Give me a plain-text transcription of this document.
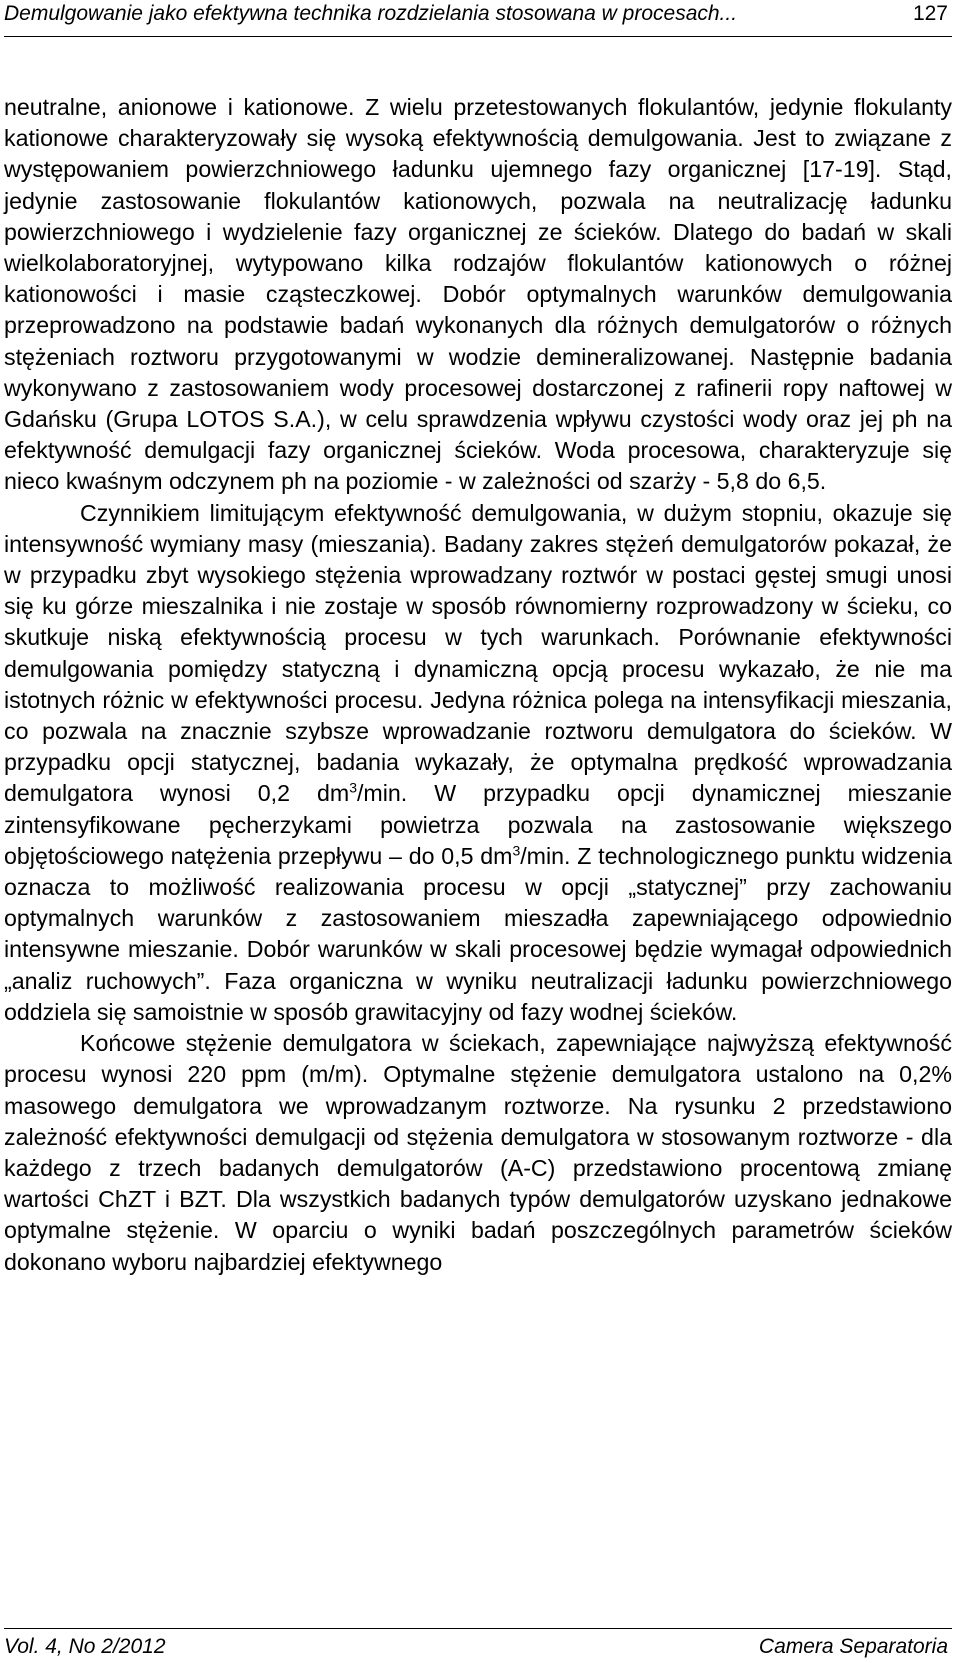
Demulgowanie jako efektywna technika rozdzielania stosowana w procesach...	127

neutralne, anionowe i kationowe. Z wielu przetestowanych flokulantów, jedynie flokulanty kationowe charakteryzowały się wysoką efektywnością demulgowania. Jest to związane z występowaniem powierzchniowego ładunku ujemnego fazy organicznej [17-19]. Stąd, jedynie zastosowanie flokulantów kationowych, pozwala na neutralizację ładunku powierzchniowego i wydzielenie fazy organicznej ze ścieków. Dlatego do badań w skali wielkolaboratoryjnej, wytypowano kilka rodzajów flokulantów kationowych o różnej kationowości i masie cząsteczkowej. Dobór optymalnych warunków demulgowania przeprowadzono na podstawie badań wykonanych dla różnych demulgatorów o różnych stężeniach roztworu przygotowanymi w wodzie demineralizowanej. Następnie badania wykonywano z zastosowaniem wody procesowej dostarczonej z rafinerii ropy naftowej w Gdańsku (Grupa LOTOS S.A.), w celu sprawdzenia wpływu czystości wody oraz jej ph na efektywność demulgacji fazy organicznej ścieków. Woda procesowa, charakteryzuje się nieco kwaśnym odczynem ph na poziomie - w zależności od szarży - 5,8 do 6,5.

Czynnikiem limitującym efektywność demulgowania, w dużym stopniu, okazuje się intensywność wymiany masy (mieszania). Badany zakres stężeń demulgatorów pokazał, że w przypadku zbyt wysokiego stężenia wprowadzany roztwór w postaci gęstej smugi unosi się ku górze mieszalnika i nie zostaje w sposób równomierny rozprowadzony w ścieku, co skutkuje niską efektywnością procesu w tych warunkach. Porównanie efektywności demulgowania pomiędzy statyczną i dynamiczną opcją procesu wykazało, że nie ma istotnych różnic w efektywności procesu. Jedyna różnica polega na intensyfikacji mieszania, co pozwala na znacznie szybsze wprowadzanie roztworu demulgatora do ścieków. W przypadku opcji statycznej, badania wykazały, że optymalna prędkość wprowadzania demulgatora wynosi 0,2 $dm^3/\min$. W przypadku opcji dynamicznej mieszanie zintensyfikowane pęcherzykami powietrza pozwala na zastosowanie większego objętościowego natężenia przepływu – do 0,5 $dm^3/\min$. Z technologicznego punktu widzenia oznacza to możliwość realizowania procesu w opcji „statycznej” przy zachowaniu optymalnych warunków z zastosowaniem mieszadła zapewniającego odpowiednio intensywne mieszanie. Dobór warunków w skali procesowej będzie wymagał odpowiednich „analiz ruchowych”. Faza organiczna w wyniku neutralizacji ładunku powierzchniowego oddziela się samoistnie w sposób grawitacyjny od fazy wodnej ścieków.

Końcowe stężenie demulgatora w ściekach, zapewniające najwyższą efektywność procesu wynosi 220 ppm (m/m). Optymalne stężenie demulgatora ustalono na 0,2% masowego demulgatora we wprowadzanym roztworze. Na rysunku 2 przedstawiono zależność efektywności demulgacji od stężenia demulgatora w stosowanym roztworze - dla każdego z trzech badanych demulgatorów (A-C) przedstawiono procentową zmianę wartości ChZT i BZT. Dla wszystkich badanych typów demulgatorów uzyskano jednakowe optymalne stężenie. W oparciu o wyniki badań poszczególnych parametrów ścieków dokonano wyboru najbardziej efektywnego

Vol. 4, No 2/2012	Camera Separatoria
